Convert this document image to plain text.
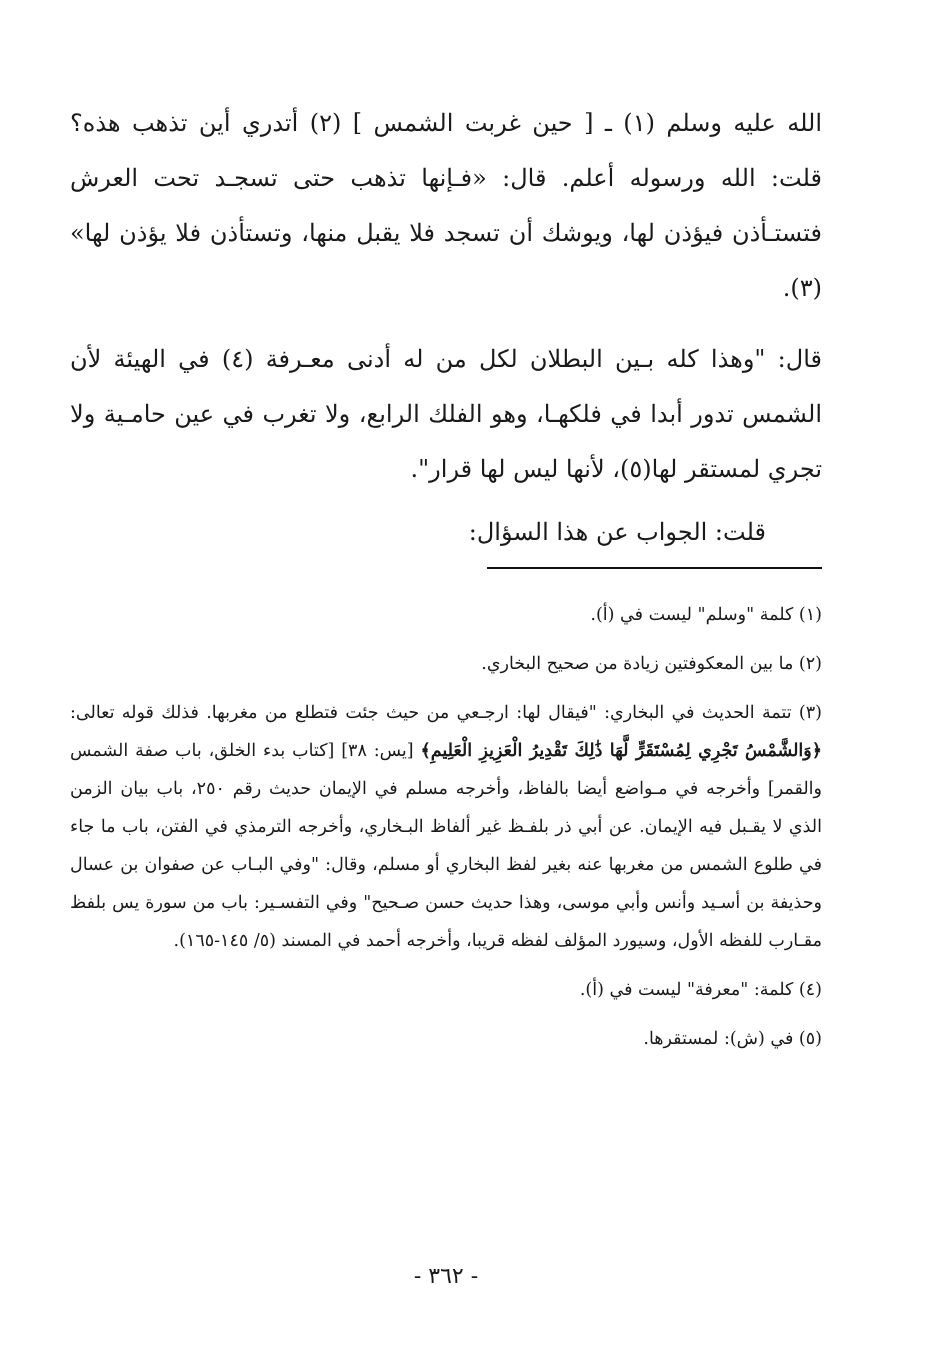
الله عليه وسلم (١) ـ [ حين غربت الشمس ] (٢) أتدري أين تذهب هذه؟ قلت: الله ورسوله أعلم. قال: «فـإنها تذهب حتى تسجـد تحت العرش فتستـأذن فيؤذن لها، ويوشك أن تسجد فلا يقبل منها، وتستأذن فلا يؤذن لها» (٣).

قال: "وهذا كله بـين البطلان لكل من له أدنى معـرفة (٤) في الهيئة لأن الشمس تدور أبدا في فلكهـا، وهو الفلك الرابع، ولا تغرب في عين حامـية ولا تجري لمستقر لها(٥)، لأنها ليس لها قرار".

قلت: الجواب عن هذا السؤال:

(١) كلمة "وسلم" ليست في (أ).

(٢) ما بين المعكوفتين زيادة من صحيح البخاري.

(٣) تتمة الحديث في البخاري: "فيقال لها: ارجـعي من حيث جئت فتطلع من مغربها. فذلك قوله تعالى: ﴿وَالشَّمْسُ تَجْرِي لِمُسْتَقَرٍّ لَّهَا ذَٰلِكَ تَقْدِيرُ الْعَزِيزِ الْعَلِيمِ﴾ [يس: ٣٨] [كتاب بدء الخلق، باب صفة الشمس والقمر] وأخرجه في مـواضع أيضا بالفاظ، وأخرجه مسلم في الإيمان حديث رقم ٢٥٠، باب بيان الزمن الذي لا يقـبل فيه الإيمان. عن أبي ذر بلفـظ غير ألفاظ البـخاري، وأخرجه الترمذي في الفتن، باب ما جاء في طلوع الشمس من مغربها عنه بغير لفظ البخاري أو مسلم، وقال: "وفي البـاب عن صفوان بن عسال وحذيفة بن أسـيد وأنس وأبي موسى، وهذا حديث حسن صـحيح" وفي التفسـير: باب من سورة يس بلفظ مقـارب للفظه الأول، وسيورد المؤلف لفظه قريبا، وأخرجه أحمد في المسند (٥/ ١٤٥-١٦٥).

(٤) كلمة: "معرفة" ليست في (أ).

(٥) في (ش): لمستقرها.

- ٣٦٢ -
